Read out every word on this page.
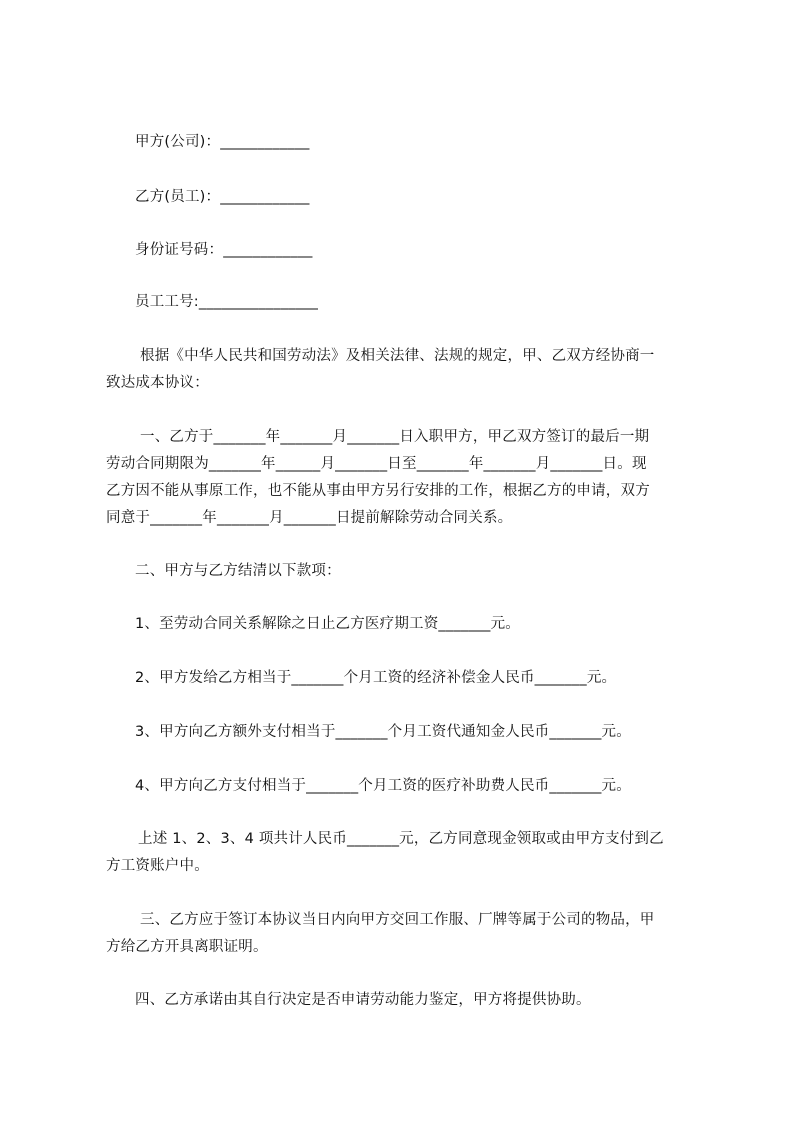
甲方(公司)：____________
乙方(员工)：____________
身份证号码：____________
员工工号:________________
根据《中华人民共和国劳动法》及相关法律、法规的规定，甲、乙双方经协商一
致达成本协议：
一、乙方于_______年_______月_______日入职甲方，甲乙双方签订的最后一期
劳动合同期限为_______年______月_______日至_______年_______月_______日。现
乙方因不能从事原工作，也不能从事由甲方另行安排的工作，根据乙方的申请，双方
同意于_______年_______月_______日提前解除劳动合同关系。
二、甲方与乙方结清以下款项：
1、至劳动合同关系解除之日止乙方医疗期工资_______元。
2、甲方发给乙方相当于_______个月工资的经济补偿金人民币_______元。
3、甲方向乙方额外支付相当于_______个月工资代通知金人民币_______元。
4、甲方向乙方支付相当于_______个月工资的医疗补助费人民币_______元。
上述 1、2、3、4 项共计人民币_______元，乙方同意现金领取或由甲方支付到乙
方工资账户中。
三、乙方应于签订本协议当日内向甲方交回工作服、厂牌等属于公司的物品，甲
方给乙方开具离职证明。
四、乙方承诺由其自行决定是否申请劳动能力鉴定，甲方将提供协助。
